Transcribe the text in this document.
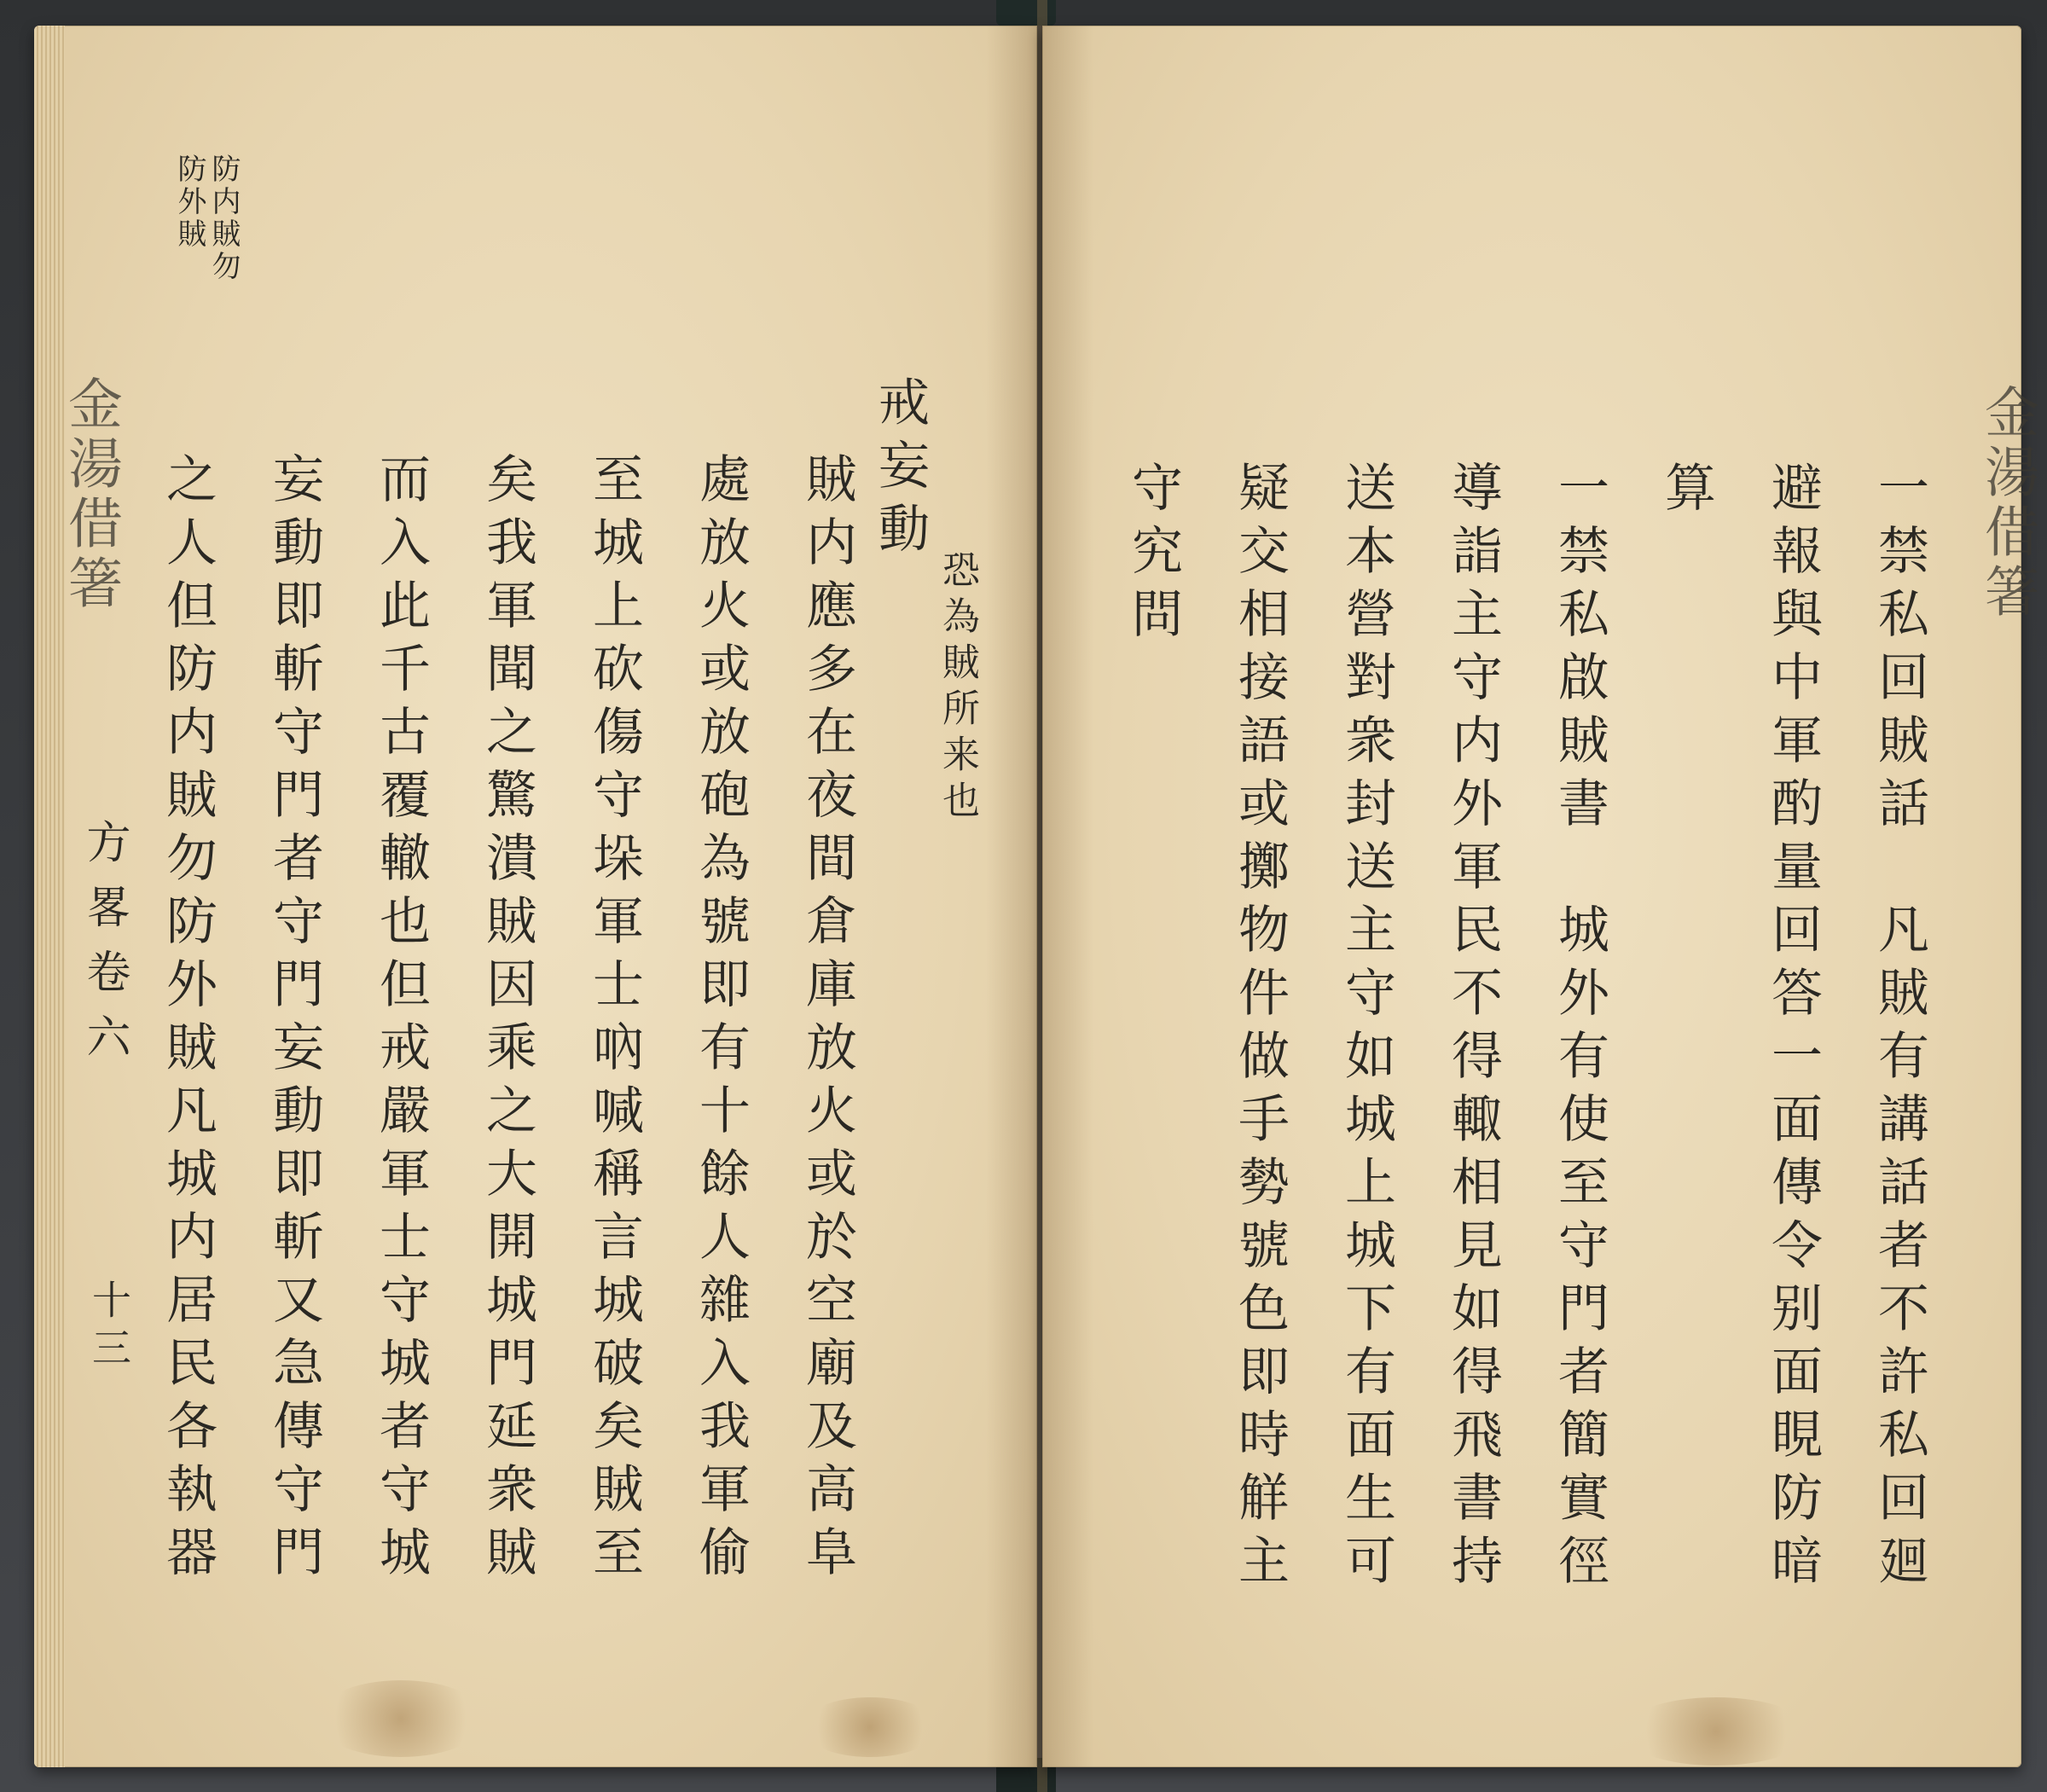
防内賊勿
防外賊
戒妄動
恐為賊所来也
賊内應多在夜間倉庫放火或於空廟及高阜
處放火或放砲為號即有十餘人雜入我軍偷
至城上砍傷守垛軍士吶喊稱言城破矣賊至
矣我軍聞之驚潰賊因乘之大開城門延衆賊
而入此千古覆轍也但戒嚴軍士守城者守城
妄動即斬守門者守門妄動即斬又急傳守門
之人但防内賊勿防外賊凡城内居民各執器
金湯借箸
方畧卷六
十三
金湯借箸
一禁私回賊話　凡賊有講話者不許私回廻
避報與中軍酌量回答一面傳令别面睍防暗
算
一禁私啟賊書　城外有使至守門者簡實徑
導詣主守内外軍民不得輙相見如得飛書持
送本營對衆封送主守如城上城下有面生可
疑交相接語或擲物件做手勢號色即時觧主
守究問
